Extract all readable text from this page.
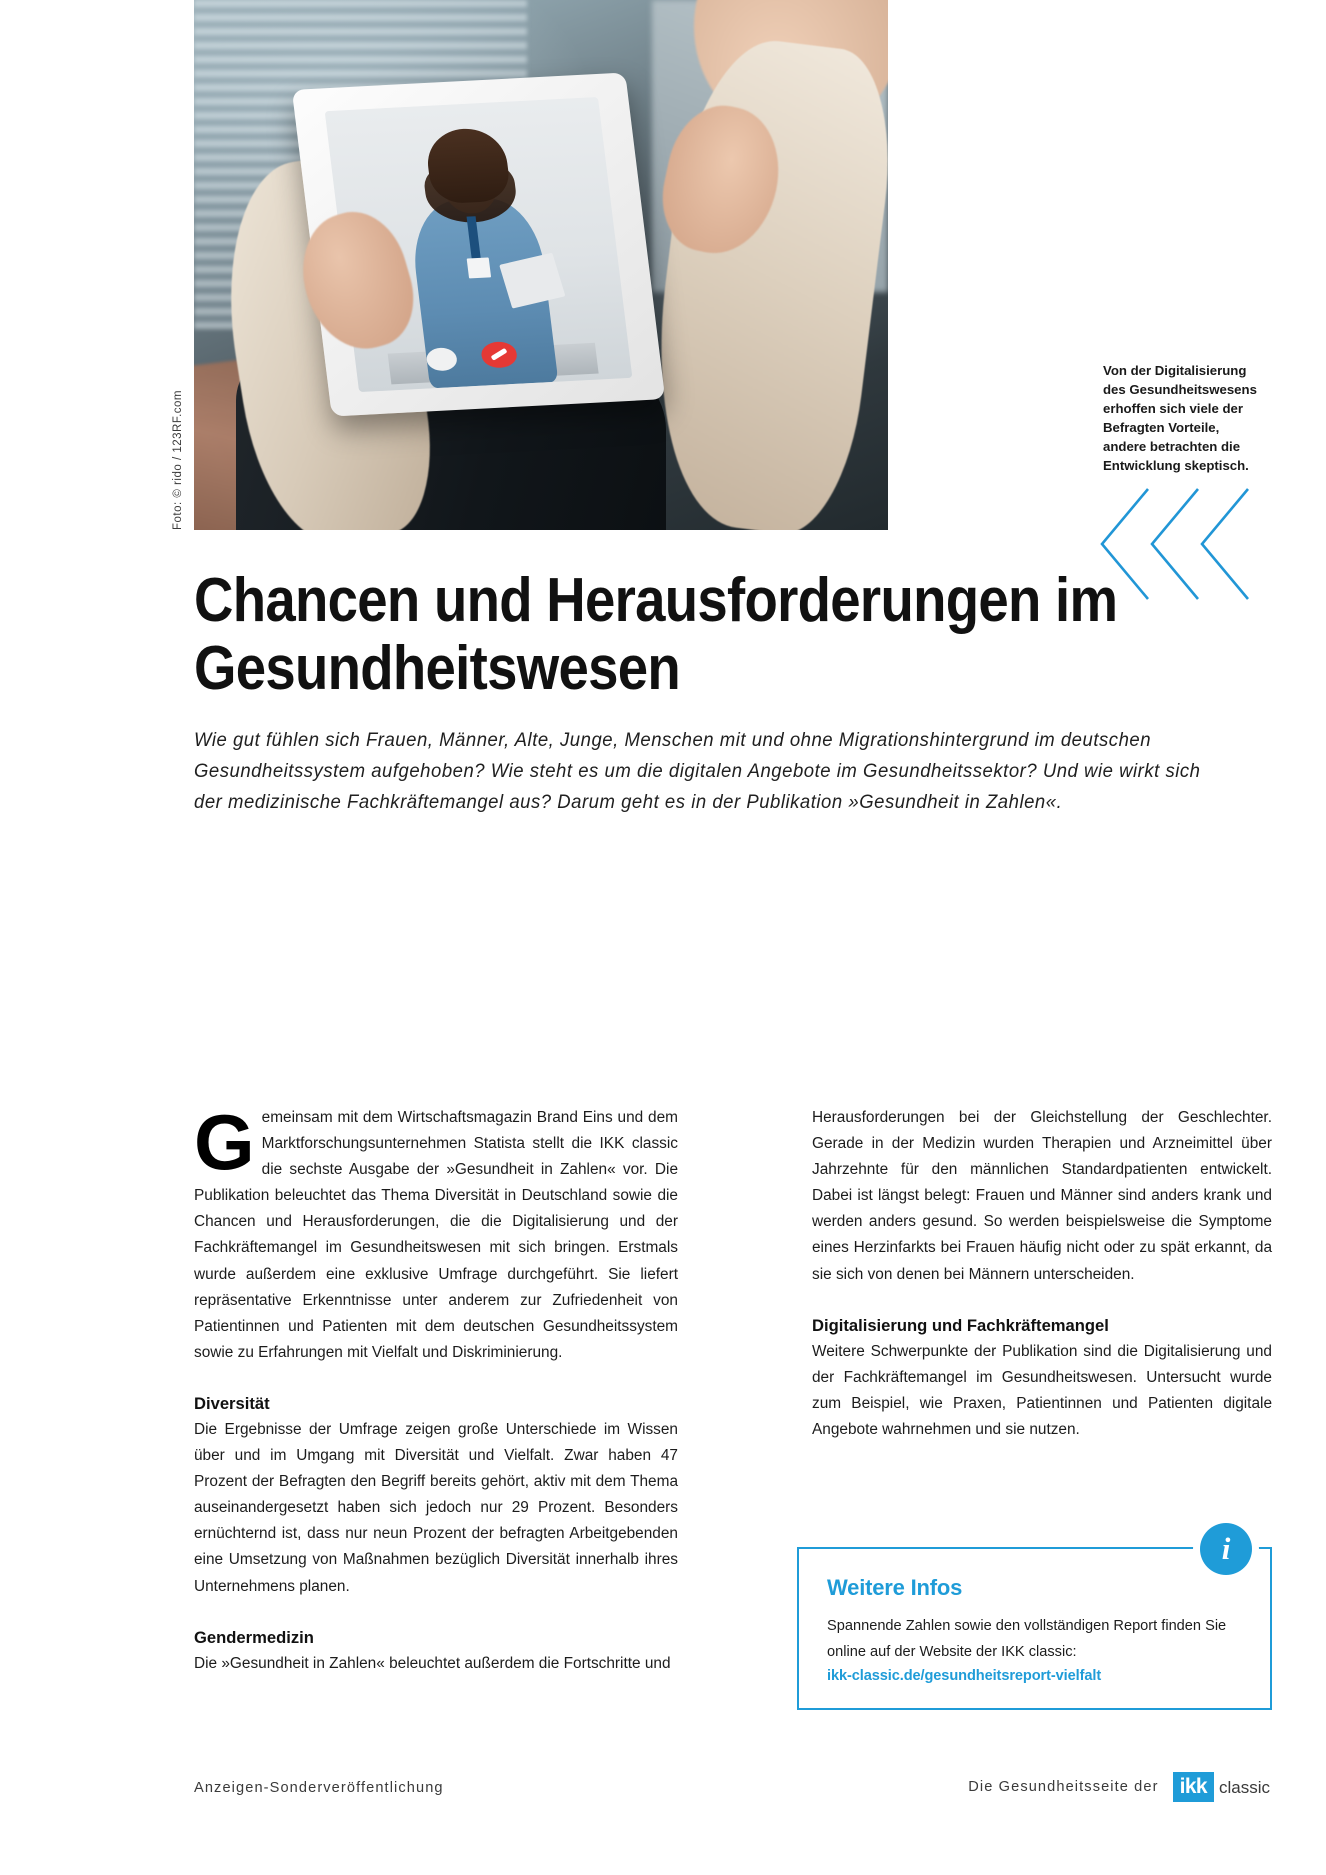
Foto: © rido / 123RF.com
Von der Digitalisierung des Gesundheitswesens erhoffen sich viele der Befragten Vorteile, andere betrachten die Entwicklung skeptisch.
Chancen und Herausforderungen im Gesundheitswesen

Wie gut fühlen sich Frauen, Männer, Alte, Junge, Menschen mit und ohne Migrationshintergrund im deutschen Gesundheitssystem aufgehoben? Wie steht es um die digitalen Angebote im Gesundheitssektor? Und wie wirkt sich der medizinische Fachkräftemangel aus? Darum geht es in der Publikation »Gesundheit in Zahlen«.

Gemeinsam mit dem Wirtschaftsmagazin Brand Eins und dem Marktforschungsunternehmen Statista stellt die IKK classic die sechste Ausgabe der »Gesundheit in Zahlen« vor. Die Publikation beleuchtet das Thema Diversität in Deutschland sowie die Chancen und Herausforderungen, die die Digitalisierung und der Fachkräftemangel im Gesundheitswesen mit sich bringen. Erstmals wurde außerdem eine exklusive Umfrage durchgeführt. Sie liefert repräsentative Erkenntnisse unter anderem zur Zufriedenheit von Patientinnen und Patienten mit dem deutschen Gesundheitssystem sowie zu Erfahrungen mit Vielfalt und Diskriminierung.

Diversität

Die Ergebnisse der Umfrage zeigen große Unterschiede im Wissen über und im Umgang mit Diversität und Vielfalt. Zwar haben 47 Prozent der Befragten den Begriff bereits gehört, aktiv mit dem Thema auseinandergesetzt haben sich jedoch nur 29 Prozent. Besonders ernüchternd ist, dass nur neun Prozent der befragten Arbeitgebenden eine Umsetzung von Maßnahmen bezüglich Diversität innerhalb ihres Unternehmens planen.

Gendermedizin

Die »Gesundheit in Zahlen« beleuchtet außerdem die Fortschritte und

Herausforderungen bei der Gleichstellung der Geschlechter. Gerade in der Medizin wurden Therapien und Arzneimittel über Jahrzehnte für den männlichen Standardpatienten entwickelt. Dabei ist längst belegt: Frauen und Männer sind anders krank und werden anders gesund. So werden beispielsweise die Symptome eines Herzinfarkts bei Frauen häufig nicht oder zu spät erkannt, da sie sich von denen bei Männern unterscheiden.

Digitalisierung und Fachkräftemangel

Weitere Schwerpunkte der Publikation sind die Digitalisierung und der Fachkräftemangel im Gesundheitswesen. Untersucht wurde zum Beispiel, wie Praxen, Patientinnen und Patienten digitale Angebote wahrnehmen und sie nutzen.

i
Weitere Infos
Spannende Zahlen sowie den vollständigen Report finden Sie online auf der Website der IKK classic:
ikk-classic.de/gesundheitsreport-vielfalt
Anzeigen-Sonderveröffentlichung	Die Gesundheitsseite der	ikk classic
